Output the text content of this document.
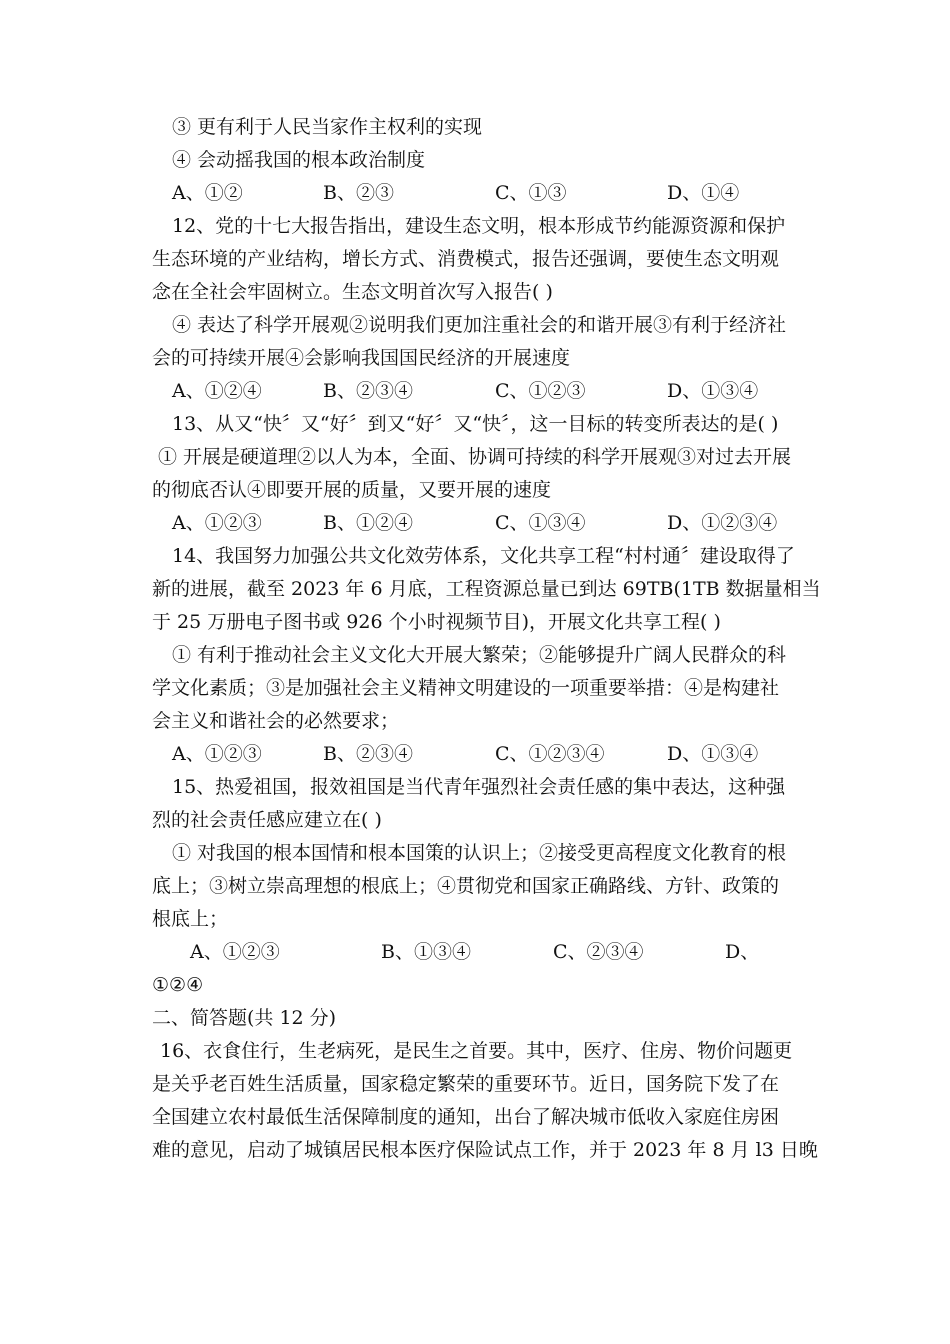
③ 更有利于人民当家作主权利的实现
④ 会动摇我国的根本政治制度
A、①②	B、②③	C、①③	D、①④
12、党的十七大报告指出，建设生态文明，根本形成节约能源资源和保护
生态环境的产业结构，增长方式、消费模式，报告还强调，要使生态文明观
念在全社会牢固树立。生态文明首次写入报告( )
④ 表达了科学开展观②说明我们更加注重社会的和谐开展③有利于经济社
会的可持续开展④会影响我国国民经济的开展速度
A、①②④	B、②③④	C、①②③	D、①③④
13、从又“快〞又“好〞到又“好〞又“快〞，这一目标的转变所表达的是( )
① 开展是硬道理②以人为本，全面、协调可持续的科学开展观③对过去开展
的彻底否认④即要开展的质量，又要开展的速度
A、①②③	B、①②④	C、①③④	D、①②③④
14、我国努力加强公共文化效劳体系，文化共享工程“村村通〞建设取得了
新的进展，截至 2023 年 6 月底，工程资源总量已到达 69TB(1TB 数据量相当
于 25 万册电子图书或 926 个小时视频节目)，开展文化共享工程( )
① 有利于推动社会主义文化大开展大繁荣；②能够提升广阔人民群众的科
学文化素质；③是加强社会主义精神文明建设的一项重要举措：④是构建社
会主义和谐社会的必然要求；
A、①②③	B、②③④	C、①②③④	D、①③④
15、热爱祖国，报效祖国是当代青年强烈社会责任感的集中表达，这种强
烈的社会责任感应建立在( )
① 对我国的根本国情和根本国策的认识上；②接受更高程度文化教育的根
底上；③树立崇高理想的根底上；④贯彻党和国家正确路线、方针、政策的
根底上；
A、①②③	B、①③④	C、②③④	D、
①②④
二、简答题(共 12 分)
16、衣食住行，生老病死，是民生之首要。其中，医疗、住房、物价问题更
是关乎老百姓生活质量，国家稳定繁荣的重要环节。近日，国务院下发了在
全国建立农村最低生活保障制度的通知，出台了解决城市低收入家庭住房困
难的意见，启动了城镇居民根本医疗保险试点工作，并于 2023 年 8 月 l3 日晚
